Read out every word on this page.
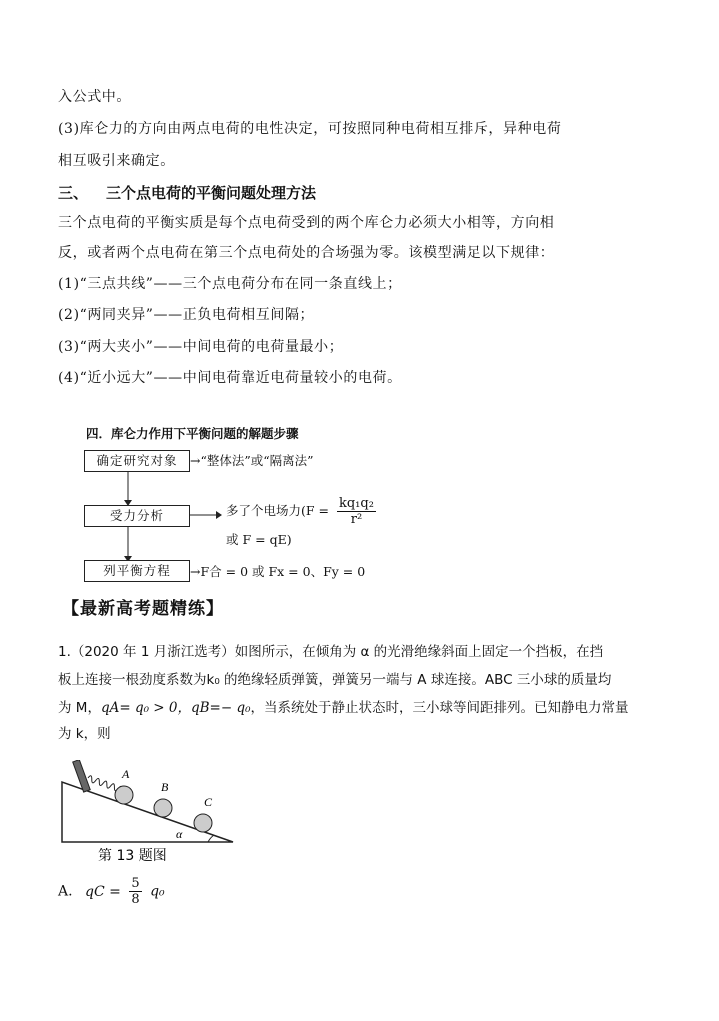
入公式中。
(3)库仑力的方向由两点电荷的电性决定，可按照同种电荷相互排斥，异种电荷
相互吸引来确定。
三、 三个点电荷的平衡问题处理方法
三个点电荷的平衡实质是每个点电荷受到的两个库仑力必须大小相等，方向相
反，或者两个点电荷在第三个点电荷处的合场强为零。该模型满足以下规律：
(1)“三点共线”——三个点电荷分布在同一条直线上；
(2)“两同夹异”——正负电荷相互间隔；
(3)“两大夹小”——中间电荷的电荷量最小；
(4)“近小远大”——中间电荷靠近电荷量较小的电荷。
四．库仑力作用下平衡问题的解题步骤
确定研究对象	→“整体法”或“隔离法”
受力分析	多了个电场力($F = \frac{\text{kq₁q₂}}{\text{r²}}$
或 F = qE)
列平衡方程	→F合 = 0 或 Fx = 0、Fy = 0
【最新高考题精练】
1.（2020 年 1 月浙江选考）如图所示，在倾角为 α 的光滑绝缘斜面上固定一个挡板，在挡
板上连接一根劲度系数为k₀ 的绝缘轻质弹簧，弹簧另一端与 A 球连接。ABC 三小球的质量均
为 M，qA= q₀ > 0，qB=− q₀，当系统处于静止状态时，三小球等间距排列。已知静电力常量
为 k，则
A
B
C
α
第 13 题图
A. qC = $\frac{5}{8} q_0$
